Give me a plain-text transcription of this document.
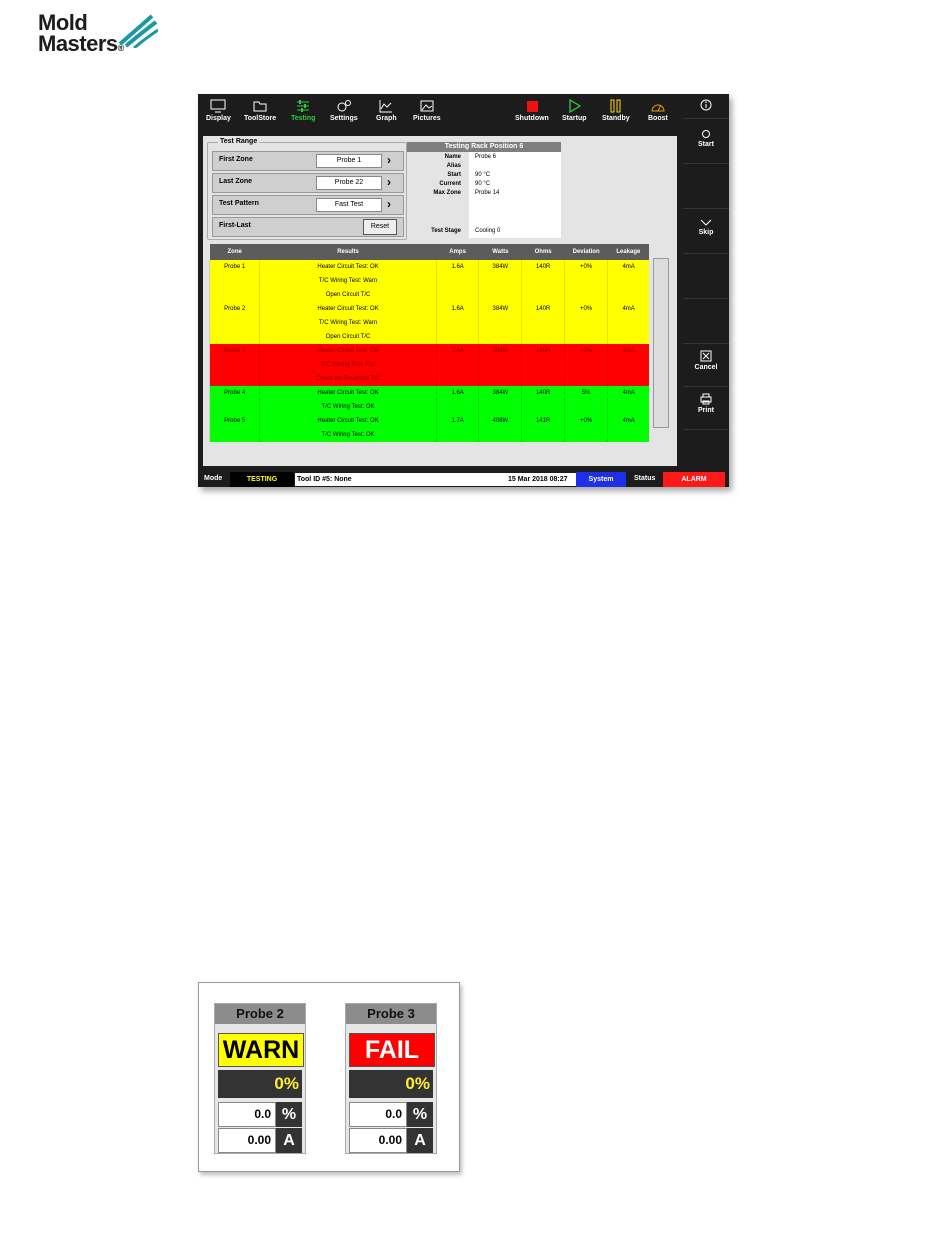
Mold
Masters®
Display ToolStore Testing Settings	Graph Pictures	Shutdown Startup Standby	Boost

Start

Skip

Cancel

Print
Test Range
First Zone	Probe 1	›
Last Zone	Probe 22	›
Test Pattern	Fast Test	›
First-Last	Reset
Testing Rack Position 6
Name Probe 6
Alias
Start 90 °C
Current 90 °C
Max Zone Probe 14
Test Stage Cooling 0
Zone	Results	Amps	Watts	Ohms	Deviation	Leakage
Probe 1	Heater Circuit Test: OK	1.6A	384W	140R	+0%	4mA
	T/C Wiring Test: Warn					
	Open Circuit T/C					
Probe 2	Heater Circuit Test: OK	1.6A	384W	140R	+0%	4mA
	T/C Wiring Test: Warn					
	Open Circuit T/C					
Probe 3	Heater Circuit Test: OK	1.6A	384W	140R	+0%	4mA
	T/C Wiring Test: Fail					
	Check for Reversed T/C					
Probe 4	Heater Circuit Test: OK	1.6A	384W	140R	5%	4mA
	T/C Wiring Test: OK					
Probe 5	Heater Circuit Test: OK	1.7A	408W	141R	+0%	4mA
	T/C Wiring Test: OK					
Mode	TESTING	Tool ID #5: None	15 Mar 2018 08:27	System	Status	ALARM
Probe 2
WARN
0%
0.0 %
0.00 A
Probe 3
FAIL
0%
0.0 %
0.00 A
